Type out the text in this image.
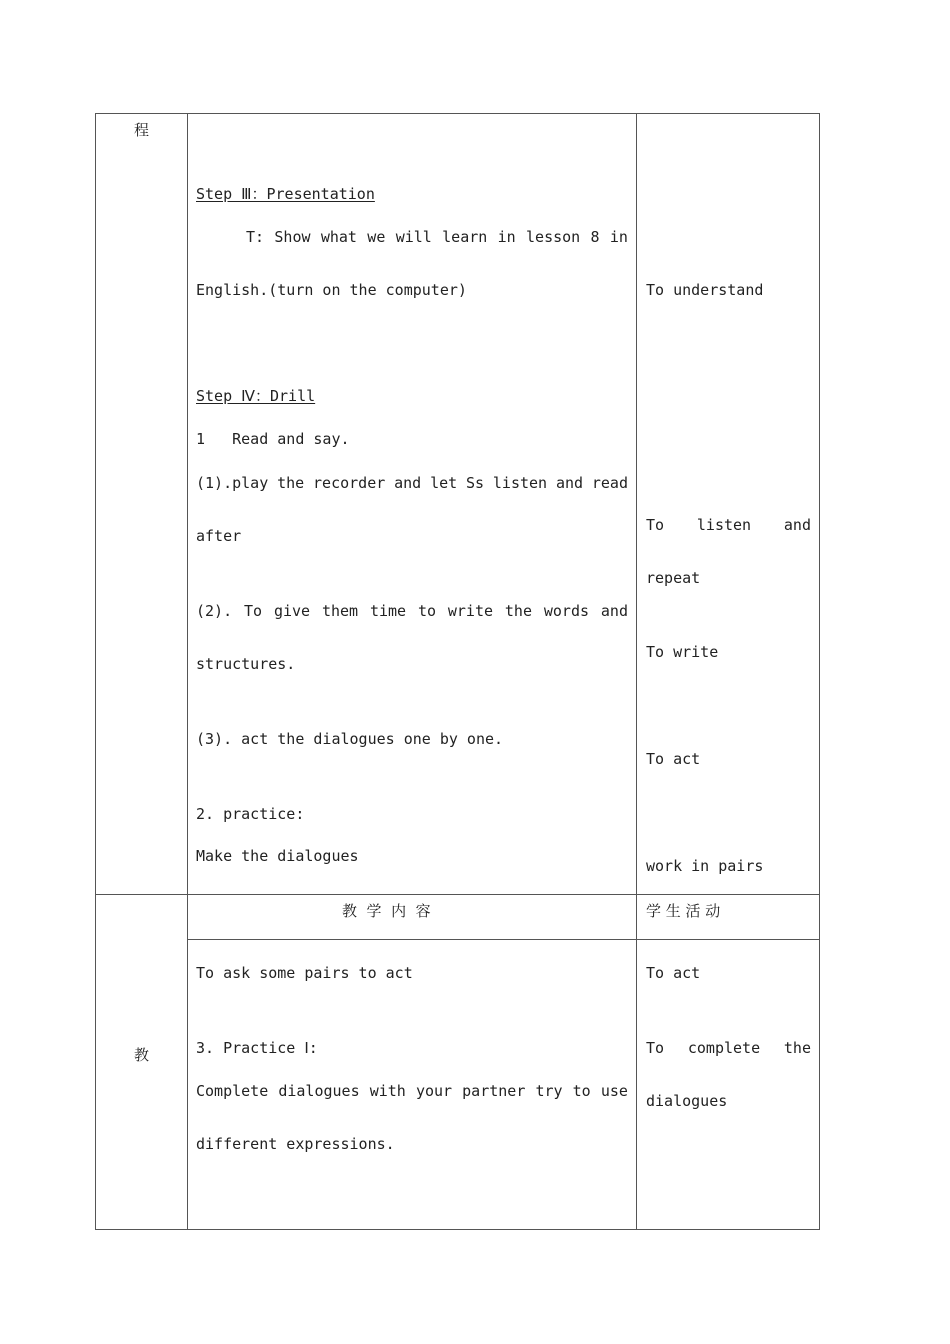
程
教
Step Ⅲ：Presentation
T: Show what we will learn in lesson 8 in
English.(turn on the computer)
Step Ⅳ：Drill
1   Read and say.
(1).play the recorder and let Ss listen and read
after
(2). To give them time to write the words and
structures.
(3). act the dialogues one by one.
2. practice:
Make the dialogues
To understand
To listen and
repeat
To write
To act
work in pairs
教  学  内  容	学 生 活 动
To ask some pairs to act
3. Practice Ⅰ:
Complete dialogues with your partner try to use
different expressions.
To act
To complete the
dialogues
